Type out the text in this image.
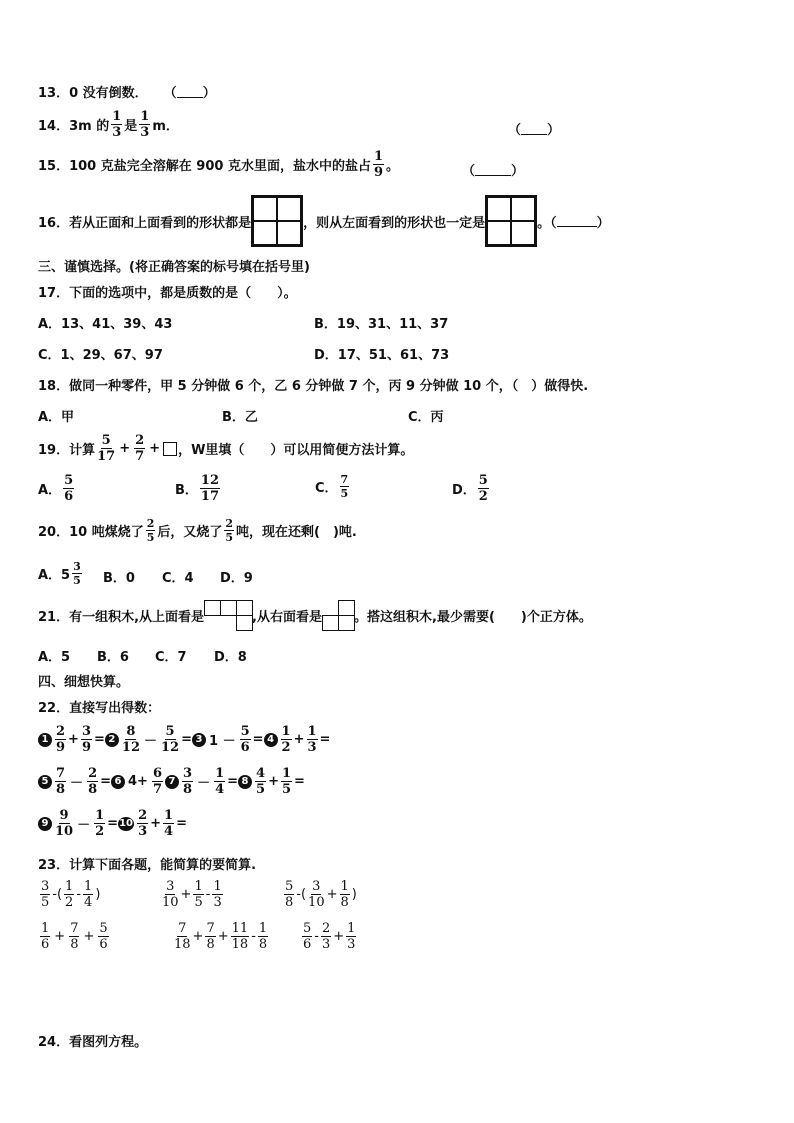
13． 0 没有倒数． （ ）
14． 3m 的
1
3 是
1
3 m．	（ ）
15． 100 克盐完全溶解在 900 克水里面，盐水中的盐占
1
9 。	（	）
16． 若从正面和上面看到的形状都是	，则从左面看到的形状也一定是	。（	）
三、谨慎选择。(将正确答案的标号填在括号里)
17． 下面的选项中，都是质数的是（　　）。
A．13、41、39、43	B．19、31、11、37
C．1、29、67、97	D．17、51、61、73
18． 做同一种零件，甲 5 分钟做 6 个，乙 6 分钟做 7 个，丙 9 分钟做 10 个，（　）做得快.
A．甲	B．乙	C．丙
19． 计算
5
17
+ $\frac{2}{7}$ + ，W里填（　　）可以用简便方法计算。
A．
5
6	B．
12
17
C．
7
5	D．
5
2
20． 10 吨煤烧了
2
5 后，又烧了
2
5 吨，现在还剩(　)吨.
A．5
3
5 B．0 C．4 D．9
21． 有一组积木,从上面看是	,从右面看是 。搭这组积木,最少需要(　　)个正方体。
A．5 B．6 C．7 D．8
四、细想快算。
22． 直接写出得数：
1
2
9
+ $\frac{3}{9} = 2$
8
$12 - \frac{5}{12} = 3$ $1 - \frac{5}{6} = 4$
1
2
+ $\frac{1}{3}$ =
5
7
$8 - \frac{2}{8} = 6$ $4+ \frac{6}{7} 7$
3
$8 - \frac{1}{4} = 8$
4
5
+ $\frac{1}{5}$ =
9
9
$10 - \frac{1}{2} = 10$
2
3
+ $\frac{1}{4}$ =
23． 计算下面各题，能简算的要简算.
3
5
-(
1
2
-
1
4
)
3
10
+ $\frac{1}{5}$ -
1
3
5
8
-(
3
10
+ $\frac{1}{8}$ )
1
6
+ $\frac{7}{8} + \frac{5}{6}$	7
18
+ $\frac{7}{8} + \frac{11}{18}$ -
1
8
5
6
-
2
3
+ $\frac{1}{3}$
24． 看图列方程。
